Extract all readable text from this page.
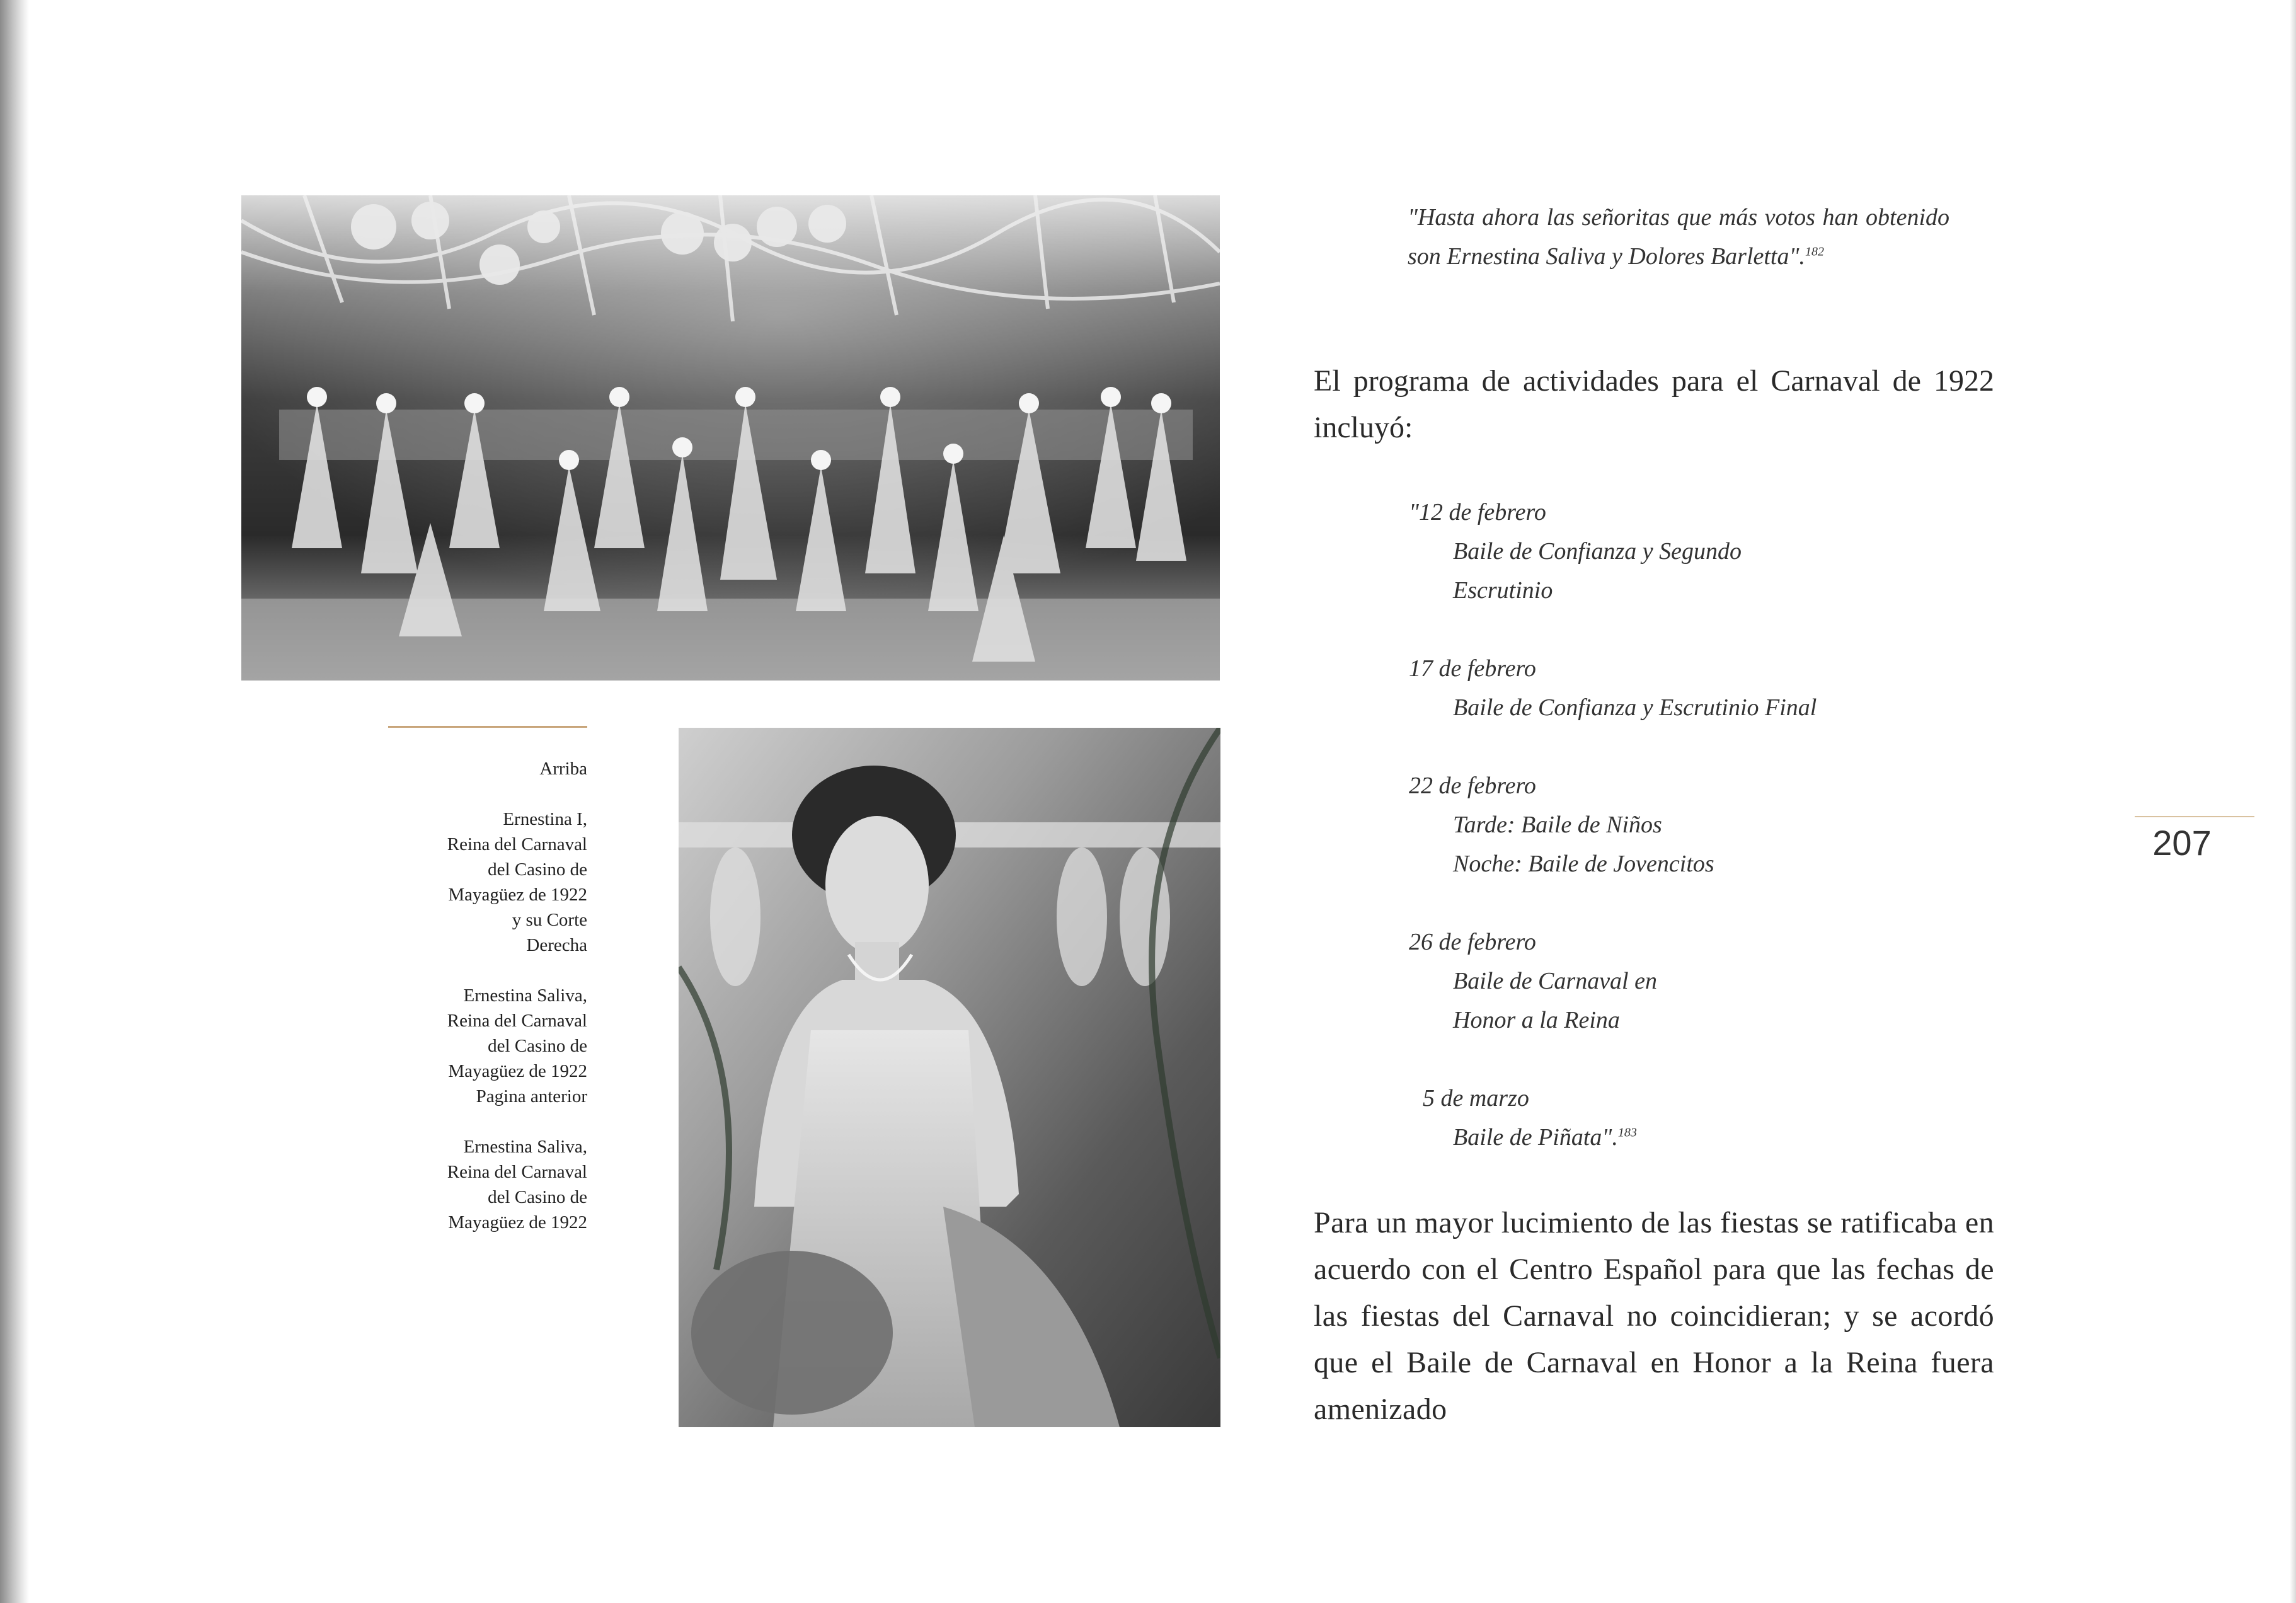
Arriba
Ernestina I,
Reina del Carnaval
del Casino de
Mayagüez de 1922
y su Corte
Derecha
Ernestina Saliva,
Reina del Carnaval
del Casino de
Mayagüez de 1922
Pagina anterior
Ernestina Saliva,
Reina del Carnaval
del Casino de
Mayagüez de 1922
"Hasta ahora las señoritas que más votos han obtenido son Ernestina Saliva y Dolores Barletta".$^{182}$
El programa de actividades para el Carnaval de 1922 incluyó:
"12 de febrero
Baile de Confianza y Segundo
Escrutinio
17 de febrero
Baile de Confianza y Escrutinio Final
22 de febrero
Tarde: Baile de Niños
Noche: Baile de Jovencitos
26 de febrero
Baile de Carnaval en
Honor a la Reina
5 de marzo
Baile de Piñata".$^{183}$
Para un mayor lucimiento de las fiestas se ratificaba en acuerdo con el Centro Español para que las fechas de las fiestas del Carnaval no coincidieran; y se acordó que el Baile de Carnaval en Honor a la Reina fuera amenizado
207
